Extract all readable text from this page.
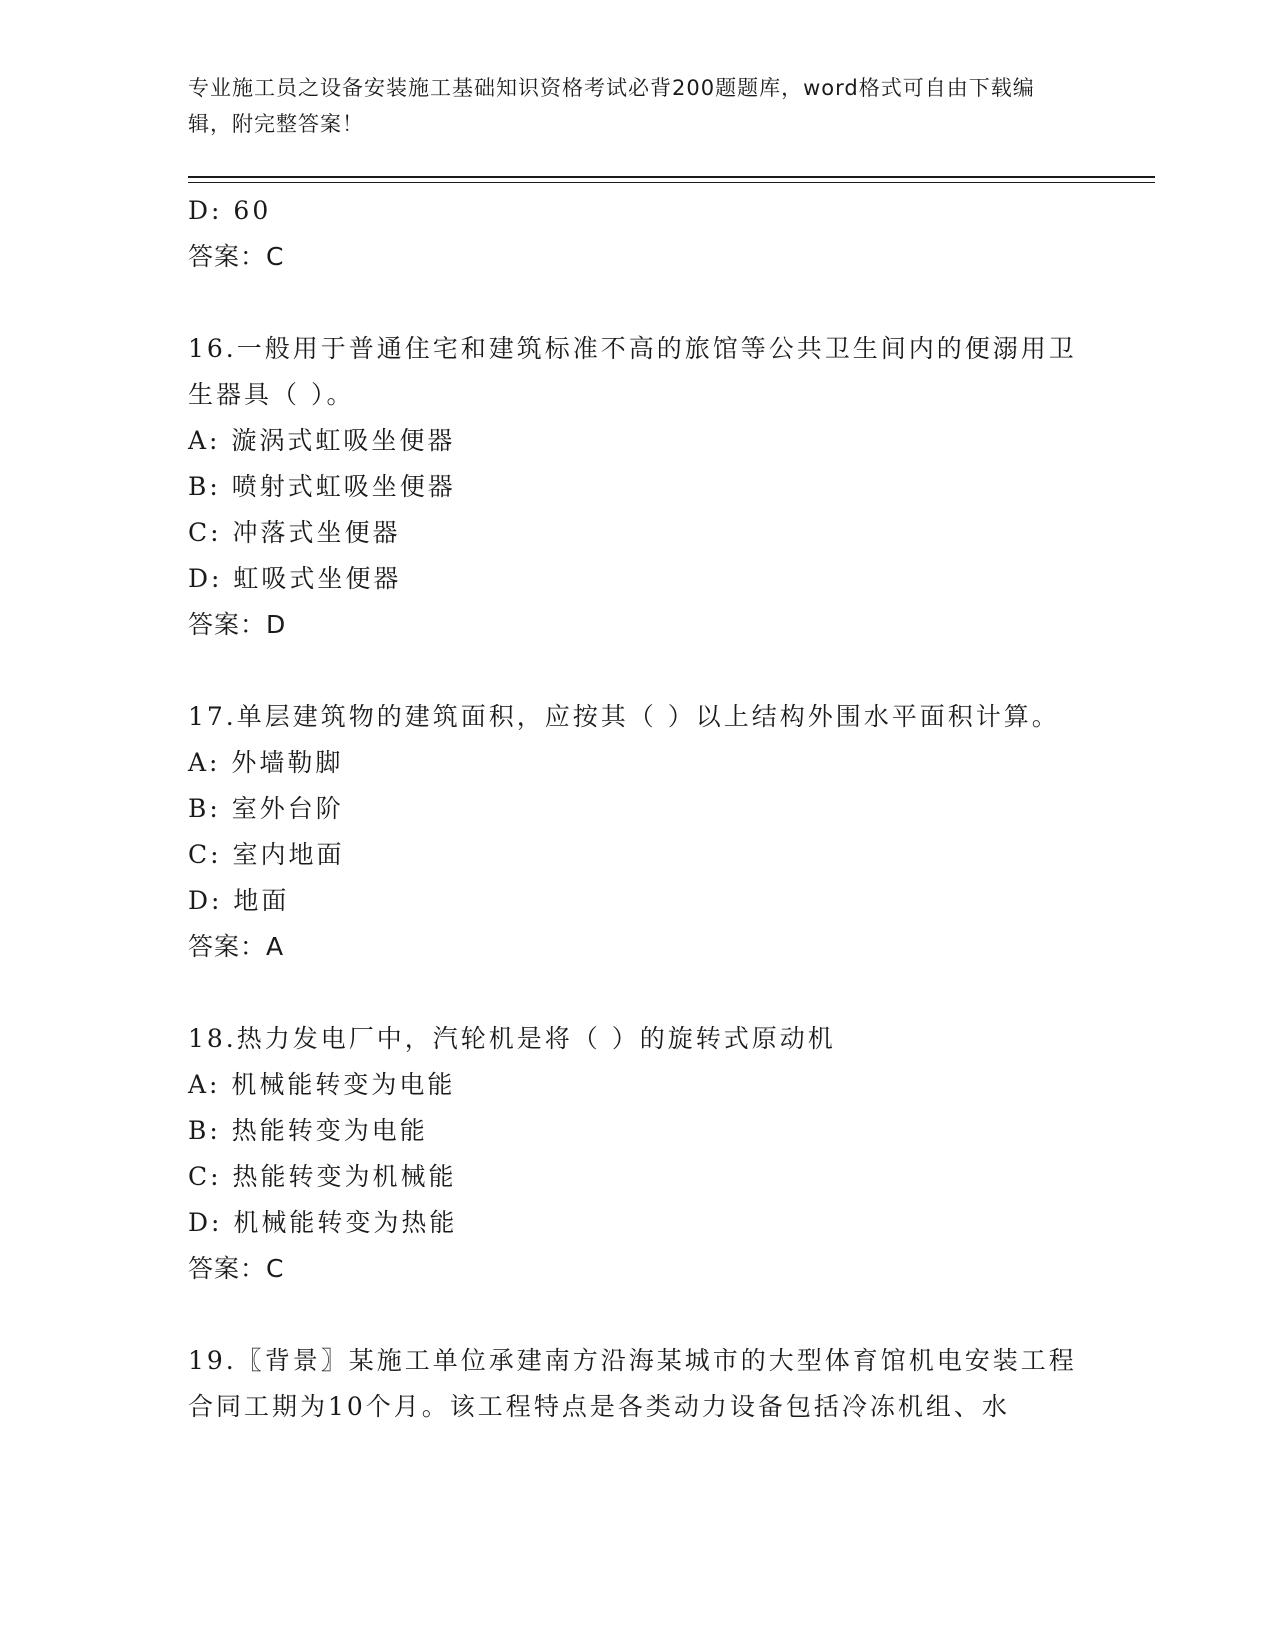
专业施工员之设备安装施工基础知识资格考试必背200题题库，word格式可自由下载编辑，附完整答案！
D: 60
答案：C
16.一般用于普通住宅和建筑标准不高的旅馆等公共卫生间内的便溺用卫生器具（ ）。
A: 漩涡式虹吸坐便器
B: 喷射式虹吸坐便器
C: 冲落式坐便器
D: 虹吸式坐便器
答案：D
17.单层建筑物的建筑面积，应按其（ ）以上结构外围水平面积计算。
A: 外墙勒脚
B: 室外台阶
C: 室内地面
D: 地面
答案：A
18.热力发电厂中，汽轮机是将（ ）的旋转式原动机
A: 机械能转变为电能
B: 热能转变为电能
C: 热能转变为机械能
D: 机械能转变为热能
答案：C
19.〖背景〗某施工单位承建南方沿海某城市的大型体育馆机电安装工程合同工期为10个月。该工程特点是各类动力设备包括冷冻机组、水
